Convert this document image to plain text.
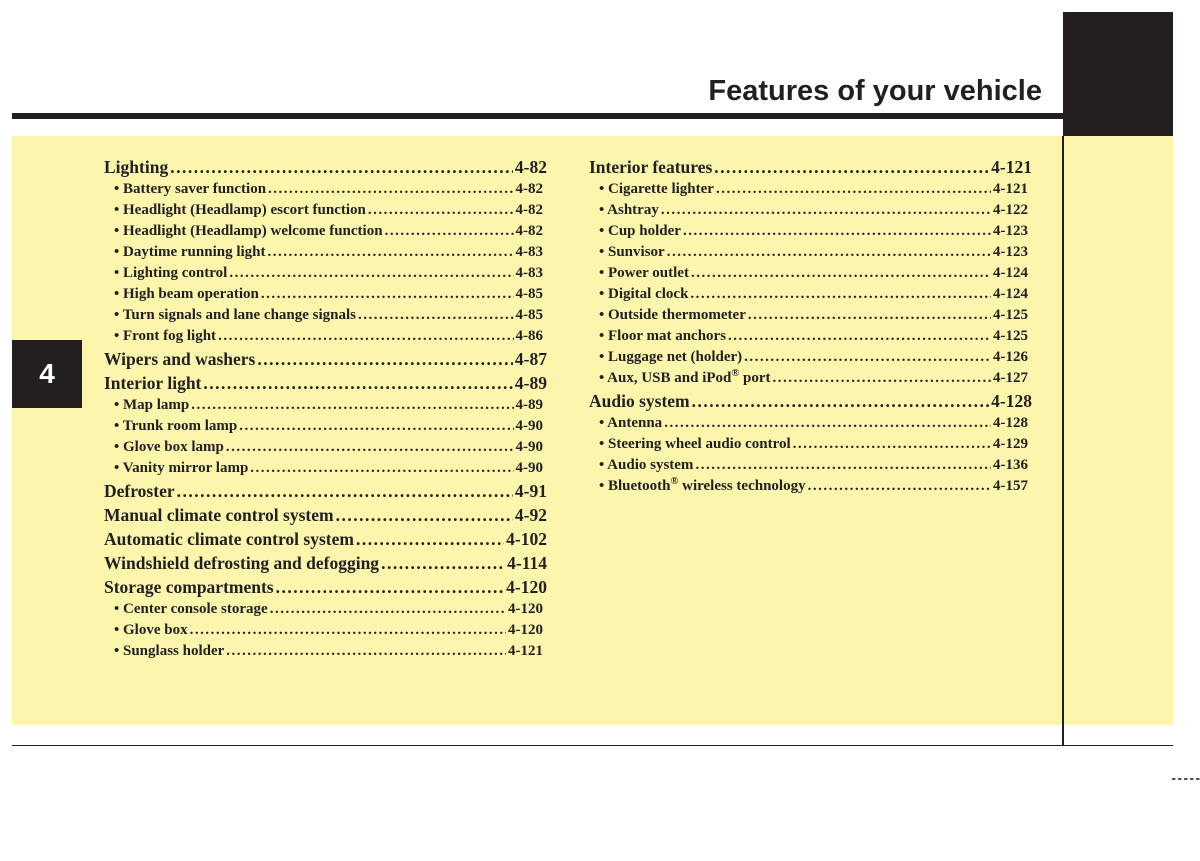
Features of your vehicle
4
Lighting .....	4-82
• Battery saver function .....	4-82
• Headlight (Headlamp) escort function .....	4-82
• Headlight (Headlamp) welcome function .....	4-82
• Daytime running light .....	4-83
• Lighting control .....	4-83
• High beam operation .....	4-85
• Turn signals and lane change signals .....	4-85
• Front fog light .....	4-86
Wipers and washers .....	4-87
Interior light .....	4-89
• Map lamp .....	4-89
• Trunk room lamp .....	4-90
• Glove box lamp .....	4-90
• Vanity mirror lamp .....	4-90
Defroster .....	4-91
Manual climate control system .....	4-92
Automatic climate control system .....	4-102
Windshield defrosting and defogging .....	4-114
Storage compartments .....	4-120
• Center console storage .....	4-120
• Glove box .....	4-120
• Sunglass holder .....	4-121
Interior features .....	4-121
• Cigarette lighter .....	4-121
• Ashtray .....	4-122
• Cup holder .....	4-123
• Sunvisor .....	4-123
• Power outlet .....	4-124
• Digital clock .....	4-124
• Outside thermometer .....	4-125
• Floor mat anchors .....	4-125
• Luggage net (holder) .....	4-126
• Aux, USB and iPod® port .....	4-127
Audio system .....	4-128
• Antenna .....	4-128
• Steering wheel audio control .....	4-129
• Audio system .....	4-136
• Bluetooth® wireless technology .....	4-157
